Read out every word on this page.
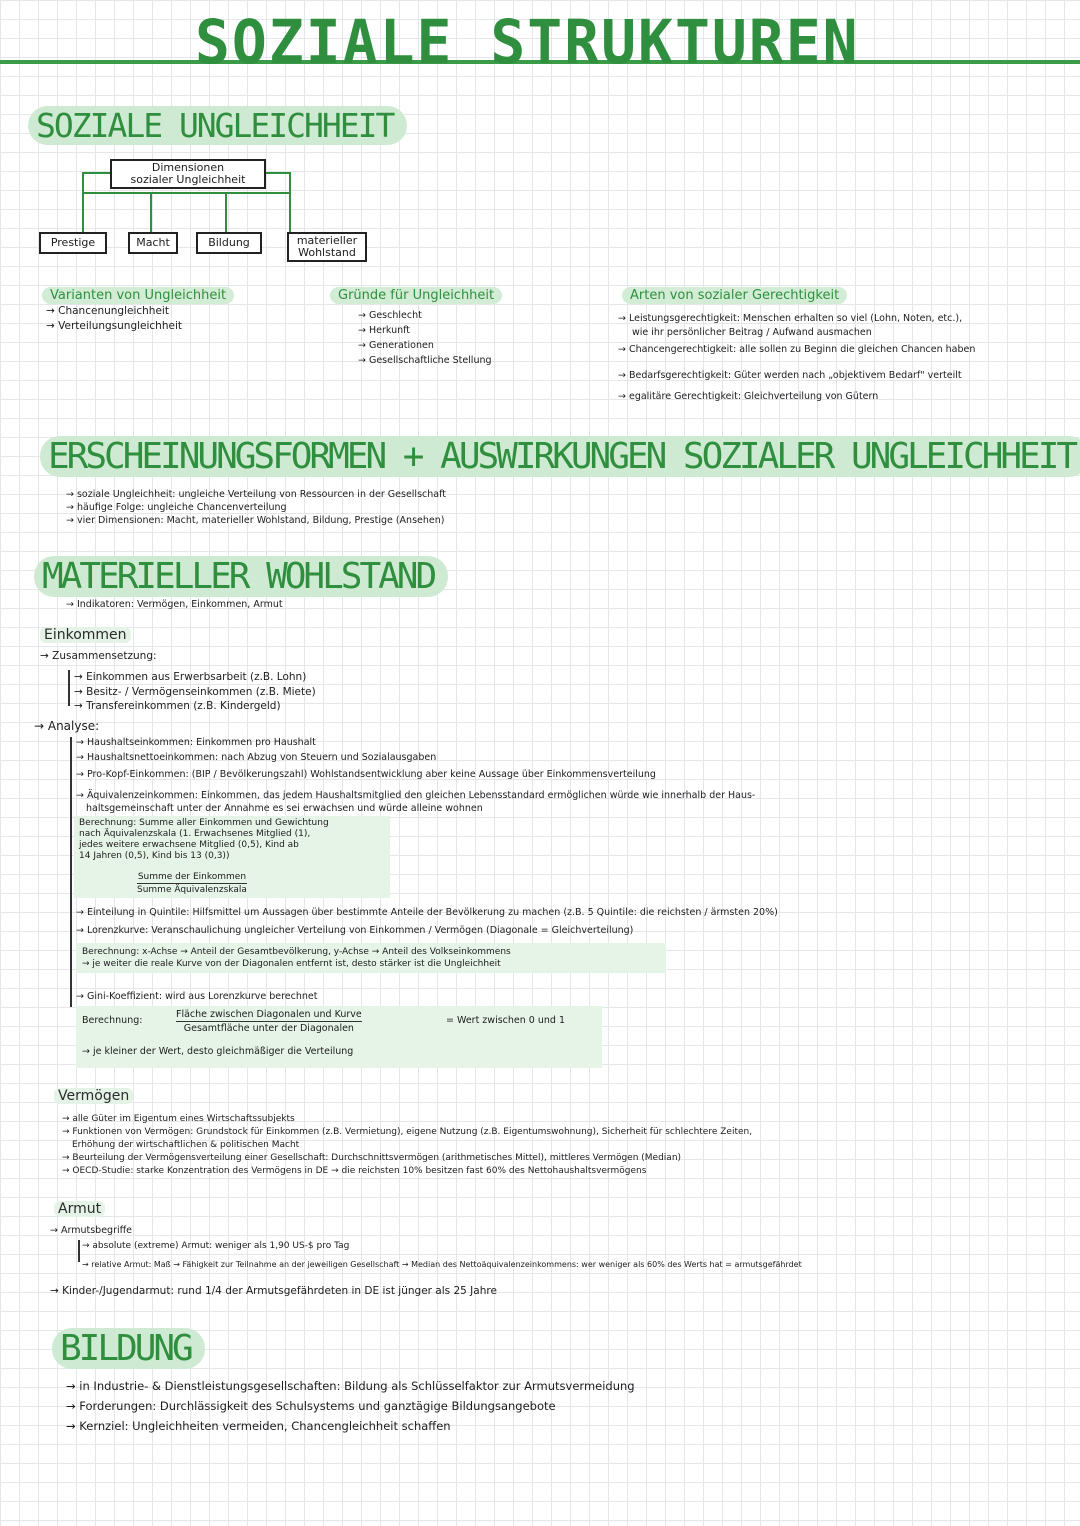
SOZIALE STRUKTUREN
SOZIALE UNGLEICHHEIT
Dimensionen
sozialer Ungleichheit
Prestige	Macht	Bildung	materieller
Wohlstand
Varianten von Ungleichheit
→ Chancenungleichheit
→ Verteilungsungleichheit
Gründe für Ungleichheit
→ Geschlecht
→ Herkunft
→ Generationen
→ Gesellschaftliche Stellung
Arten von sozialer Gerechtigkeit
→ Leistungsgerechtigkeit: Menschen erhalten so viel (Lohn, Noten, etc.),
wie ihr persönlicher Beitrag / Aufwand ausmachen
→ Chancengerechtigkeit: alle sollen zu Beginn die gleichen Chancen haben
→ Bedarfsgerechtigkeit: Güter werden nach „objektivem Bedarf" verteilt
→ egalitäre Gerechtigkeit: Gleichverteilung von Gütern
ERSCHEINUNGSFORMEN + AUSWIRKUNGEN SOZIALER UNGLEICHHEIT
→ soziale Ungleichheit: ungleiche Verteilung von Ressourcen in der Gesellschaft
→ häufige Folge: ungleiche Chancenverteilung
→ vier Dimensionen: Macht, materieller Wohlstand, Bildung, Prestige (Ansehen)
MATERIELLER WOHLSTAND
→ Indikatoren: Vermögen, Einkommen, Armut
Einkommen
→ Zusammensetzung:
→ Einkommen aus Erwerbsarbeit (z.B. Lohn)
→ Besitz- / Vermögenseinkommen (z.B. Miete)
→ Transfereinkommen (z.B. Kindergeld)
→ Analyse:
→ Haushaltseinkommen: Einkommen pro Haushalt
→ Haushaltsnettoeinkommen: nach Abzug von Steuern und Sozialausgaben
→ Pro-Kopf-Einkommen: (BIP / Bevölkerungszahl) Wohlstandsentwicklung aber keine Aussage über Einkommensverteilung
→ Äquivalenzeinkommen: Einkommen, das jedem Haushaltsmitglied den gleichen Lebensstandard ermöglichen würde wie innerhalb der Haus-
haltsgemeinschaft unter der Annahme es sei erwachsen und würde alleine wohnen
Berechnung: Summe aller Einkommen und Gewichtung
nach Äquivalenzskala (1. Erwachsenes Mitglied (1),
jedes weitere erwachsene Mitglied (0,5), Kind ab
14 Jahren (0,5), Kind bis 13 (0,3))
Summe der Einkommen
Summe Äquivalenzskala
→ Einteilung in Quintile: Hilfsmittel um Aussagen über bestimmte Anteile der Bevölkerung zu machen (z.B. 5 Quintile: die reichsten / ärmsten 20%)
→ Lorenzkurve: Veranschaulichung ungleicher Verteilung von Einkommen / Vermögen (Diagonale = Gleichverteilung)
Berechnung: x-Achse → Anteil der Gesamtbevölkerung, y-Achse → Anteil des Volkseinkommens
→ je weiter die reale Kurve von der Diagonalen entfernt ist, desto stärker ist die Ungleichheit
→ Gini-Koeffizient: wird aus Lorenzkurve berechnet
Berechnung:
Fläche zwischen Diagonalen und Kurve
Gesamtfläche unter der Diagonalen
= Wert zwischen 0 und 1
→ je kleiner der Wert, desto gleichmäßiger die Verteilung
Vermögen
→ alle Güter im Eigentum eines Wirtschaftssubjekts
→ Funktionen von Vermögen: Grundstock für Einkommen (z.B. Vermietung), eigene Nutzung (z.B. Eigentumswohnung), Sicherheit für schlechtere Zeiten,
Erhöhung der wirtschaftlichen & politischen Macht
→ Beurteilung der Vermögensverteilung einer Gesellschaft: Durchschnittsvermögen (arithmetisches Mittel), mittleres Vermögen (Median)
→ OECD-Studie: starke Konzentration des Vermögens in DE → die reichsten 10% besitzen fast 60% des Nettohaushaltsvermögens
Armut
→ Armutsbegriffe
→ absolute (extreme) Armut: weniger als 1,90 US-$ pro Tag
→ relative Armut: Maß → Fähigkeit zur Teilnahme an der jeweiligen Gesellschaft → Median des Nettoäquivalenzeinkommens: wer weniger als 60% des Werts hat = armutsgefährdet
→ Kinder-/Jugendarmut: rund 1/4 der Armutsgefährdeten in DE ist jünger als 25 Jahre
BILDUNG
→ in Industrie- & Dienstleistungsgesellschaften: Bildung als Schlüsselfaktor zur Armutsvermeidung
→ Forderungen: Durchlässigkeit des Schulsystems und ganztägige Bildungsangebote
→ Kernziel: Ungleichheiten vermeiden, Chancengleichheit schaffen
